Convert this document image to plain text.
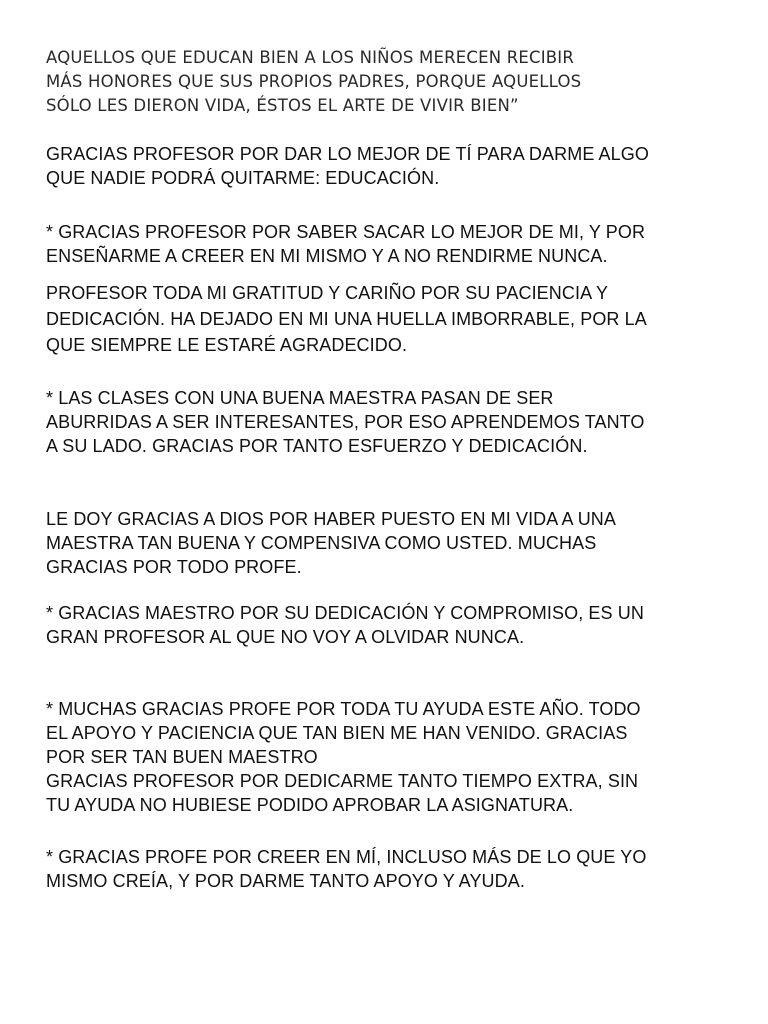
AQUELLOS QUE EDUCAN BIEN A LOS NIÑOS MERECEN RECIBIR
MÁS HONORES QUE SUS PROPIOS PADRES, PORQUE AQUELLOS
SÓLO LES DIERON VIDA, ÉSTOS EL ARTE DE VIVIR BIEN”

GRACIAS PROFESOR POR DAR LO MEJOR DE TÍ PARA DARME ALGO
QUE NADIE PODRÁ QUITARME: EDUCACIÓN.

* GRACIAS PROFESOR POR SABER SACAR LO MEJOR DE MI, Y POR
ENSEÑARME A CREER EN MI MISMO Y A NO RENDIRME NUNCA.

PROFESOR TODA MI GRATITUD Y CARIÑO POR SU PACIENCIA Y
DEDICACIÓN. HA DEJADO EN MI UNA HUELLA IMBORRABLE, POR LA
QUE SIEMPRE LE ESTARÉ AGRADECIDO.

* LAS CLASES CON UNA BUENA MAESTRA PASAN DE SER
ABURRIDAS A SER INTERESANTES, POR ESO APRENDEMOS TANTO
A SU LADO. GRACIAS POR TANTO ESFUERZO Y DEDICACIÓN.

LE DOY GRACIAS A DIOS POR HABER PUESTO EN MI VIDA A UNA
MAESTRA TAN BUENA Y COMPENSIVA COMO USTED. MUCHAS
GRACIAS POR TODO PROFE.

* GRACIAS MAESTRO POR SU DEDICACIÓN Y COMPROMISO, ES UN
GRAN PROFESOR AL QUE NO VOY A OLVIDAR NUNCA.

* MUCHAS GRACIAS PROFE POR TODA TU AYUDA ESTE AÑO. TODO
EL APOYO Y PACIENCIA QUE TAN BIEN ME HAN VENIDO. GRACIAS
POR SER TAN BUEN MAESTRO
GRACIAS PROFESOR POR DEDICARME TANTO TIEMPO EXTRA, SIN
TU AYUDA NO HUBIESE PODIDO APROBAR LA ASIGNATURA.

* GRACIAS PROFE POR CREER EN MÍ, INCLUSO MÁS DE LO QUE YO
MISMO CREÍA, Y POR DARME TANTO APOYO Y AYUDA.
